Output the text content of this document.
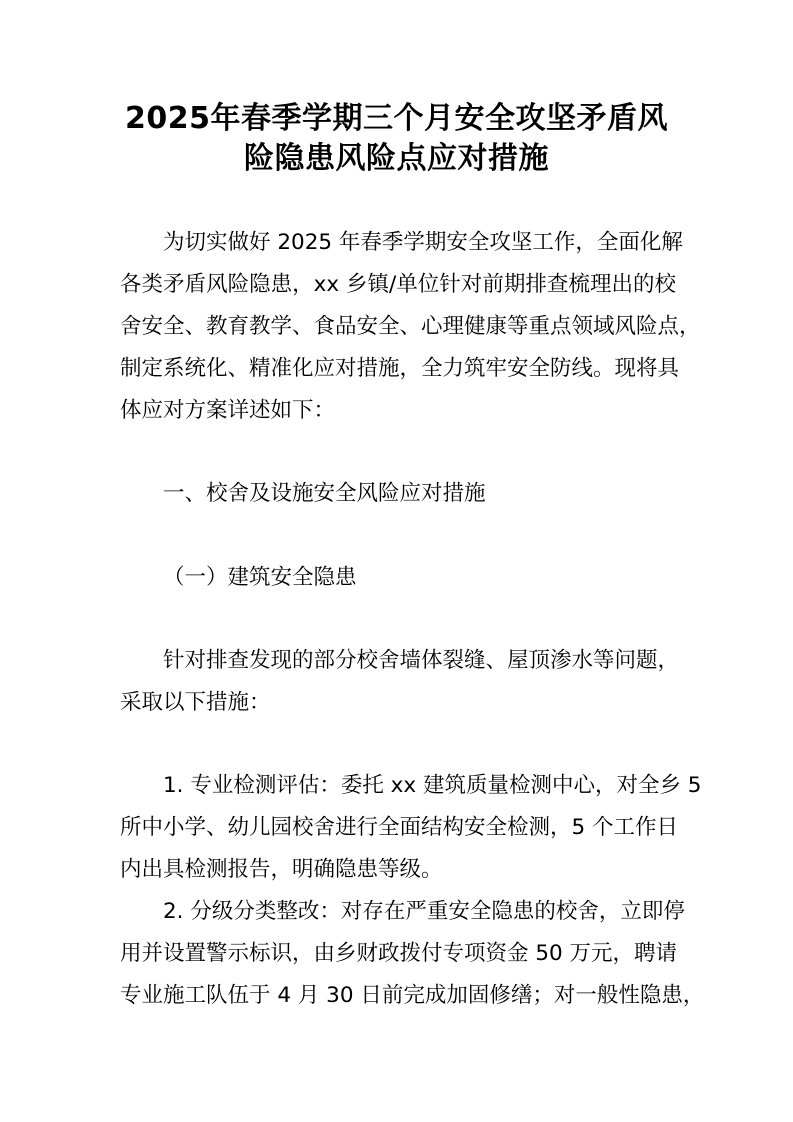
2025年春季学期三个月安全攻坚矛盾风
险隐患风险点应对措施

为切实做好 2025 年春季学期安全攻坚工作，全面化解

各类矛盾风险隐患，xx 乡镇/单位针对前期排查梳理出的校

舍安全、教育教学、食品安全、心理健康等重点领域风险点，

制定系统化、精准化应对措施，全力筑牢安全防线。现将具

体应对方案详述如下：

一、校舍及设施安全风险应对措施

（一）建筑安全隐患

针对排查发现的部分校舍墙体裂缝、屋顶渗水等问题，

采取以下措施：

1. 专业检测评估：委托 xx 建筑质量检测中心，对全乡 5

所中小学、幼儿园校舍进行全面结构安全检测，5 个工作日

内出具检测报告，明确隐患等级。

2. 分级分类整改：对存在严重安全隐患的校舍，立即停

用并设置警示标识，由乡财政拨付专项资金 50 万元，聘请

专业施工队伍于 4 月 30 日前完成加固修缮；对一般性隐患，
